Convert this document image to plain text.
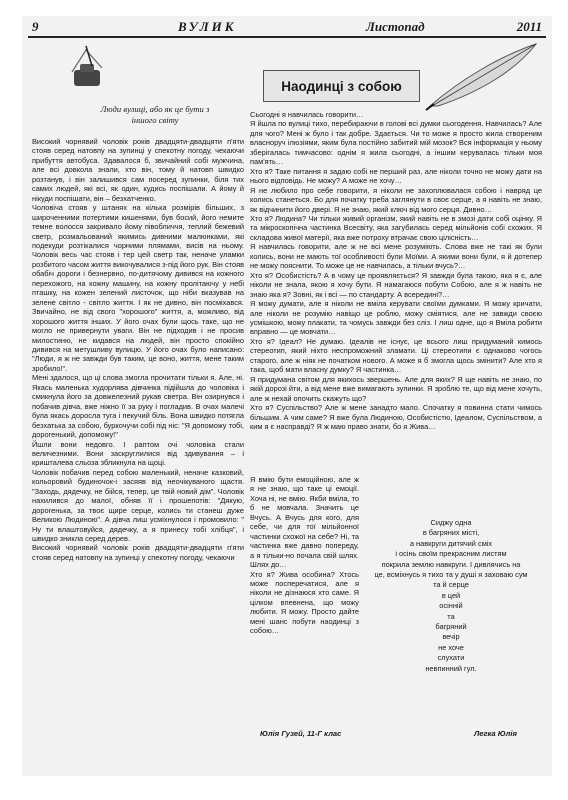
9	ВУЛИК	Листопад	2011
Люди вулиці, або як це бути з іншого світу
Наодинці з собою
Високий чорнявий чоловік років двадцяти-двадцяти п'яти стояв серед натовпу на зупинці у спекотну погоду, чекаючи прибуття автобуса. Здавалося б, звичайний собі мужчина, але всі довкола знали, хто він, тому й натовп швидко розтанув, і він залишився сам посеред зупинки, біля тих самих людей, які всі, як один, кудись поспішали. А йому й нікуди поспішати, він – безхатченко.
Чоловіча стояв у штанях на кілька розмірів більших, з широченними потертими кишенями, був босий, його немите темне волосся закривало йому півобличчя, теплий бежевий светр, розмальований якимись дивними малюнками, які подекуди розтікалися чорними плямами, висів на ньому. Чоловік весь час стояв і тер цей светр так, неначе уламки розбитого часом життя викочувалися з-під його рук. Він стояв обабіч дороги і безнервно, по-дитячому дивився на кожного перехожого, на кожну машину, на кожну пролітаючу у небі пташку, на кожен зелений листочок, що ніби вказував на зелене світло - світло життя. І як не дивно, він посміхався. Звичайно, не від свого "хорошого" життя, а, можливо, від хорошого життя інших. У його очах були щось таке, що не могло не привернути уваги. Він не підходив і не просив милостиню, не кидався на людей, він просто спокійно дивився на метушливу вулицю. У його очах було написано: "Люди, я ж не завжди був таким, це воно, життя, мене таким зробило!".
Мені здалося, що ці слова змогла прочитати тільки я. Але, ні. Якась маленька худорлява дівчинка підійшла до чоловіка і смикнула його за довжелезний рукав светра. Він озирнувся і побачив дівча, вже ніжно її за руку і погладив. В очах малечі була якась доросла туга і пекучий біль. Вона швидко потягла безхатька за собою, буркочучи собі під ніс: "Я допоможу тобі, дорогенький, допоможу!"
Йшли вони недовго. І раптом очі чоловіка стали величезними. Вони заскруглилися від здивування – і кришталева сльоза збликнула на щоці.
Чоловік побачив перед собою маленький, неначе казковий, кольоровий будиночок-і засяяв від неочікуваного щастя. "Заходь, дядечку, не бійся, тепер, це твій новий дім". Чоловік нахилився до малої, обняв її і прошепотів: "Дякую, дорогенька, за твоє щире серце, колись ти станеш дуже Великою Людиною". А дівча лиш усміхнулося і промовило: " Ну ти влаштовуйся, дядечку, а я принесу тобі хлібця", і швидко зникла серед дерев.
Високий чорнявий чоловік років двадцяти-двадцяти п'яти стояв серед натовпу на зупинці у спекотну погоду, чекаючи
Сьогодні я навчилась говорити…
Я йшла по вулиці тихо, перебираючи в голові всі думки сьогодення. Навчилась? Але для чого? Мені ж було і так добре. Здається. Чи то може я просто жила створеним власноруч ілюзіями, яким була постійно забитий мій мозок? Вся інформація у ньому зберігалась тимчасово: однім я жила сьогодні, а іншим керувалась тільки моя пам'ять…
Хто я? Таке питання я задаю собі не перший раз, але ніколи точно не можу дати на нього відповідь. Не можу? А може не хочу…
Я не любило про себе говорити, я ніколи не захоплювалася собою і навряд це колись станеться. Бо для початку треба заглянути в своє серце, а я навіть не знаю, як відчинити його двері. Я не знаю, який ключ від мого серця. Дивно…
Хто я? Людина? Чи тільки живий організм, який навіть не в змозі дати собі оцінку. Я та мікроскопічна частинка Всесвіту, яка загубилась серед мільйонів собі схожих. Я складова живої матерії, яка вже потроху втрачає свою цілісність…
Я навчилась говорити, але ж не всі мене розуміють. Слова вже не такі як були колись, вони не мають тої особливості були Моїми. А якими вони були, я й дотепер не можу пояснити. То може це не навчилась, а тільки вчусь?…
Хто я? Особистість? А в чому це проявляється? Я завжди була такою, яка я є, але ніколи не знала, якою я хочу бути. Я намагаюся побути Собою, але я ж навіть не знаю яка я? Зовні, як і всі — по стандарту. А всередині?…
Я можу думати, але я ніколи не вміла керувати своїми думками. Я можу кричати, але ніколи не розумію навіщо це роблю, можу сміятися, але не завжди своєю усмішкою, можу плакати, та чомусь завжди без сліз. І лиш одне, що я Вміла робити вправно — це мовчати…
Хто я? Ідеал? Не думаю. Ідеалів не існує, це всього лиш придуманий кимось стереотип, який ніхто неспроможний зламати. Ці стереотипи є однаково чогось старого, але ж ніяк не початком нового. А може я б змогла щось змінити? Але хто я така, щоб мати власну думку? Я частинка…
Я придумана світом для якихось звершень. Але для яких? Я ще навіть не знаю, по якій дорозі йти, а від мене вже вимагають зупинки. Я зроблю те, що від мене хочуть, але ж нехай опочить скажуть що?
Хто я? Суспільство? Але ж мене занадто мало. Спочатку я повинна стати чимось більшим. А чим саме? Я вже була Людиною, Особистістю, Ідеалом, Суспільством, а ким я є насправді? Я ж маю право знати, бо я Жива…
Я вмію бути емоційною, але ж я не знаю, що таке ці емоції. Хоча ні, не вмію. Якби вміла, то б не мовчала. Значить це Вчусь. А Вчусь для кого, для себе, чи для тої мільйонної частинки схожої на себе? Ні, та частинка вже давно попереду, а я тільки-но почала свій шлях. Шлях до…
Хто я? Жива особина? Хтось може посперечатися, але я ніколи не дізнаюся хто саме. Я цілком впевнена, що можу любити. Я можу. Просто дайте мені шанс побути наодинці з собою…
Сиджу одна
в багряних містi,
а навкруги дитячий смiх
і осінь своїм прекрасним листям
покрила землю навкруги. І дивлячись на
це, всміхнусь я тихо та у душі я заховаю сум
та й серце
в цей
осінній
та
багряний
вечір
не хоче
слухати
невпинний гул.
Юлія Гузей, 11-Г клас	Легка Юлія
